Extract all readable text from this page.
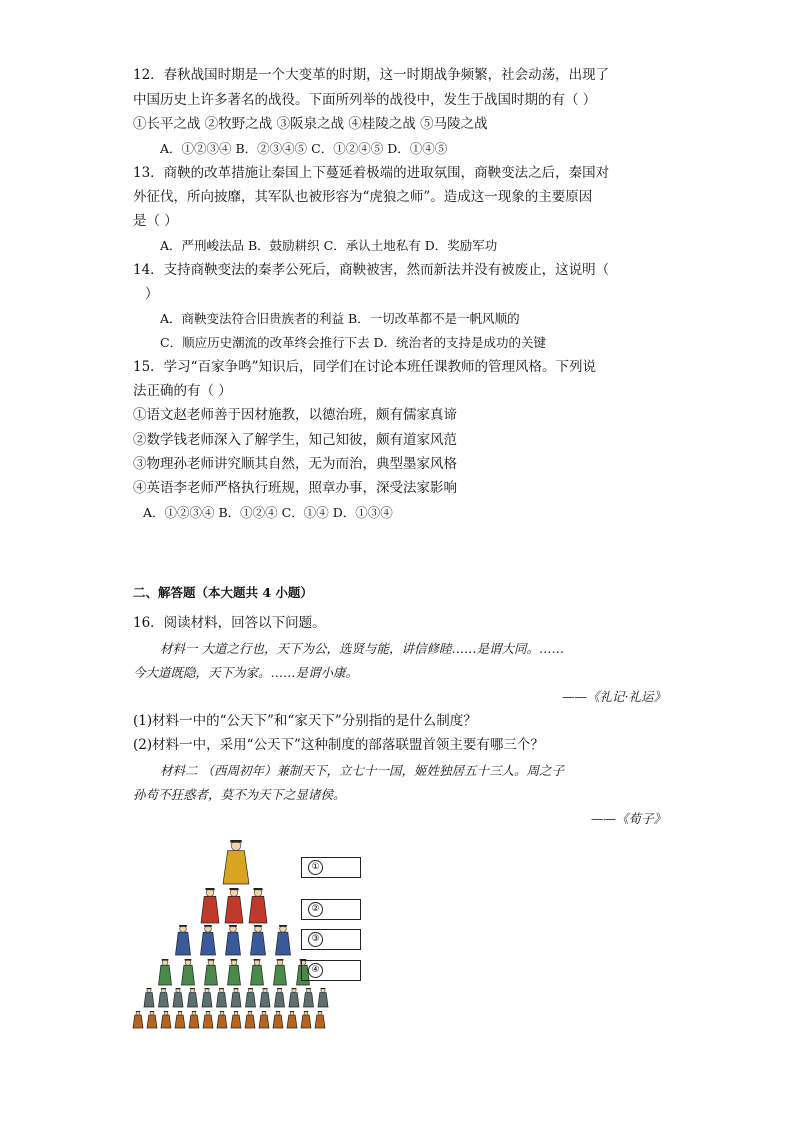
12．春秋战国时期是一个大变革的时期，这一时期战争频繁，社会动荡，出现了
中国历史上许多著名的战役。下面所列举的战役中，发生于战国时期的有（ ）
①长平之战 ②牧野之战 ③阪泉之战 ④桂陵之战 ⑤马陵之战
A．①②③④ B．②③④⑤ C．①②④⑤ D．①④⑤
13．商鞅的改革措施让秦国上下蔓延着极端的进取氛围，商鞅变法之后，秦国对
外征伐，所向披靡，其军队也被形容为“虎狼之师”。造成这一现象的主要原因
是（ ）
A．严刑峻法品 B．鼓励耕织 C．承认土地私有 D．奖励军功
14．支持商鞅变法的秦孝公死后，商鞅被害，然而新法并没有被废止，这说明（
）
A．商鞅变法符合旧贵族者的利益 B．一切改革都不是一帆风顺的
C．顺应历史潮流的改革终会推行下去 D．统治者的支持是成功的关键
15．学习“百家争鸣”知识后，同学们在讨论本班任课教师的管理风格。下列说
法正确的有（ ）
①语文赵老师善于因材施教，以德治班，颇有儒家真谛
②数学钱老师深入了解学生，知己知彼，颇有道家风范
③物理孙老师讲究顺其自然，无为而治，典型墨家风格
④英语李老师严格执行班规，照章办事，深受法家影响
A．①②③④ B．①②④ C．①④ D．①③④
二、解答题（本大题共 4 小题）
16．阅读材料，回答以下问题。
材料一 大道之行也，天下为公，选贤与能，讲信修睦……是谓大同。……
今大道既隐，天下为家。……是谓小康。
——《礼记·礼运》
(1)材料一中的“公天下”和“家天下”分别指的是什么制度？
(2)材料一中，采用“公天下”这种制度的部落联盟首领主要有哪三个？
材料二 （西周初年）兼制天下，立七十一国，姬姓独居五十三人。周之子
孙苟不狂惑者，莫不为天下之显诸侯。
——《荀子》
①
②
③
④
